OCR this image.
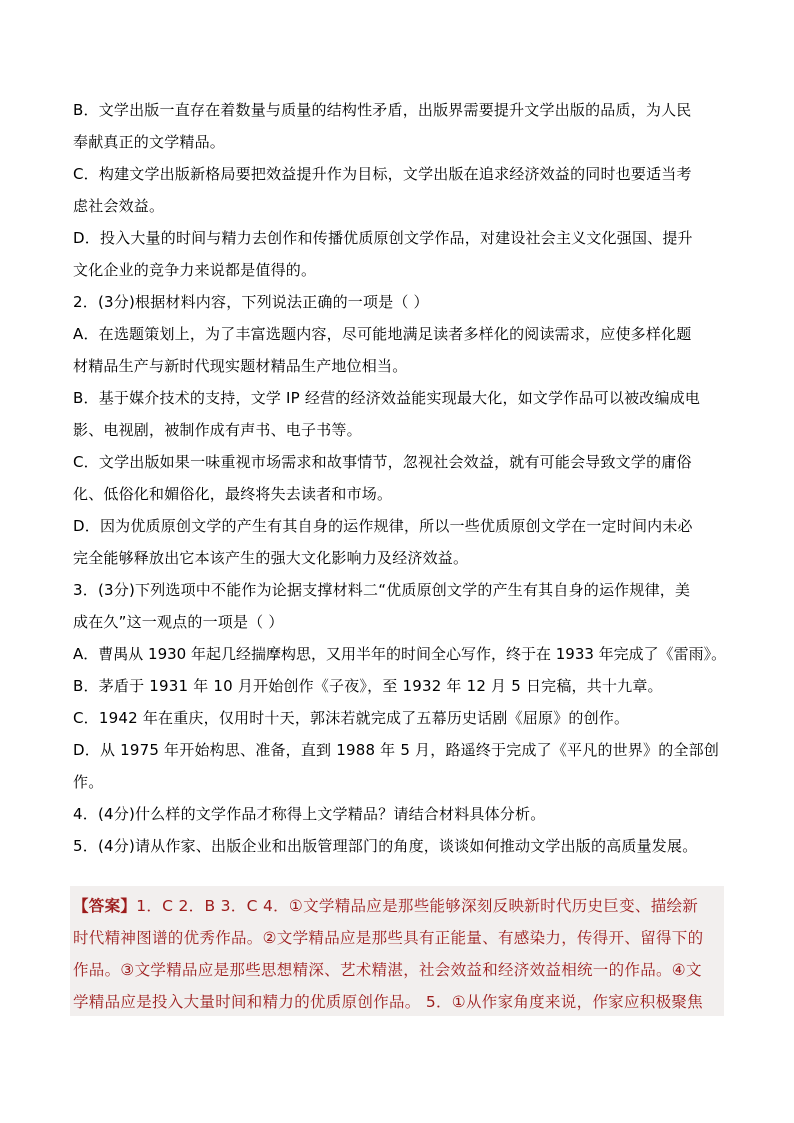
B．文学出版一直存在着数量与质量的结构性矛盾，出版界需要提升文学出版的品质，为人民
奉献真正的文学精品。
C．构建文学出版新格局要把效益提升作为目标，文学出版在追求经济效益的同时也要适当考
虑社会效益。
D．投入大量的时间与精力去创作和传播优质原创文学作品，对建设社会主义文化强国、提升
文化企业的竞争力来说都是值得的。
2．(3分)根据材料内容，下列说法正确的一项是（ ）
A．在选题策划上，为了丰富选题内容，尽可能地满足读者多样化的阅读需求，应使多样化题
材精品生产与新时代现实题材精品生产地位相当。
B．基于媒介技术的支持，文学 IP 经营的经济效益能实现最大化，如文学作品可以被改编成电
影、电视剧，被制作成有声书、电子书等。
C．文学出版如果一味重视市场需求和故事情节，忽视社会效益，就有可能会导致文学的庸俗
化、低俗化和媚俗化，最终将失去读者和市场。
D．因为优质原创文学的产生有其自身的运作规律，所以一些优质原创文学在一定时间内未必
完全能够释放出它本该产生的强大文化影响力及经济效益。
3．(3分)下列选项中不能作为论据支撑材料二“优质原创文学的产生有其自身的运作规律，美
成在久”这一观点的一项是（ ）
A．曹禺从 1930 年起几经揣摩构思，又用半年的时间全心写作，终于在 1933 年完成了《雷雨》。
B．茅盾于 1931 年 10 月开始创作《子夜》，至 1932 年 12 月 5 日完稿，共十九章。
C．1942 年在重庆，仅用时十天，郭沫若就完成了五幕历史话剧《屈原》的创作。
D．从 1975 年开始构思、准备，直到 1988 年 5 月，路遥终于完成了《平凡的世界》的全部创
作。
4．(4分)什么样的文学作品才称得上文学精品？请结合材料具体分析。
5．(4分)请从作家、出版企业和出版管理部门的角度，谈谈如何推动文学出版的高质量发展。
【答案】1．C 2．B 3．C 4．①文学精品应是那些能够深刻反映新时代历史巨变、描绘新
时代精神图谱的优秀作品。②文学精品应是那些具有正能量、有感染力，传得开、留得下的
作品。③文学精品应是那些思想精深、艺术精湛，社会效益和经济效益相统一的作品。④文
学精品应是投入大量时间和精力的优质原创作品。 5．①从作家角度来说，作家应积极聚焦
